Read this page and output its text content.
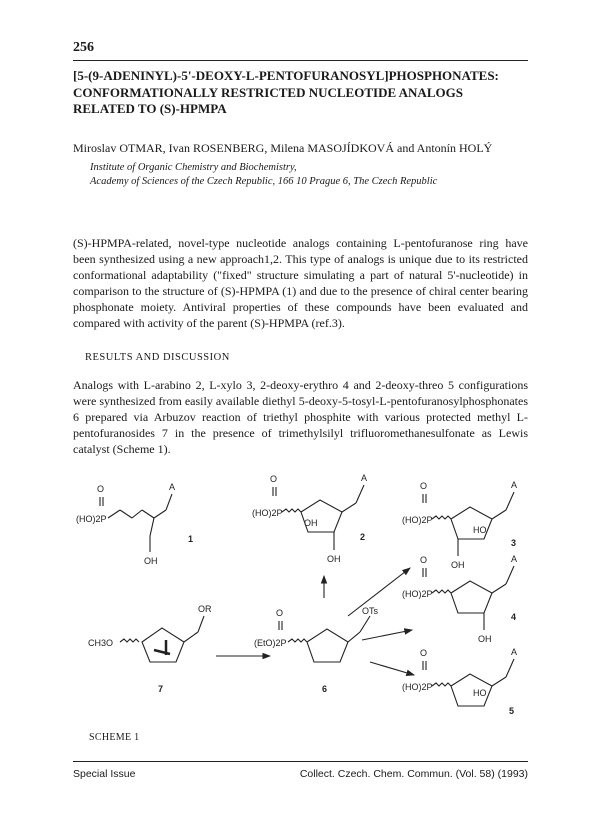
256
[5-(9-ADENINYL)-5'-DEOXY-L-PENTOFURANOSYL]PHOSPHONATES:
CONFORMATIONALLY RESTRICTED NUCLEOTIDE ANALOGS
RELATED TO (S)-HPMPA
Miroslav OTMAR, Ivan ROSENBERG, Milena MASOJÍDKOVÁ and Antonín HOLÝ
Institute of Organic Chemistry and Biochemistry,
Academy of Sciences of the Czech Republic, 166 10 Prague 6, The Czech Republic
(S)-HPMPA-related, novel-type nucleotide analogs containing L-pentofuranose ring have been synthesized using a new approach1,2. This type of analogs is unique due to its restricted conformational adaptability ("fixed" structure simulating a part of natural 5'-nucleotide) in comparison to the structure of (S)-HPMPA (1) and due to the presence of chiral center bearing phosphonate moiety. Antiviral properties of these compounds have been evaluated and compared with activity of the parent (S)-HPMPA (ref.3).
RESULTS AND DISCUSSION
Analogs with L-arabino 2, L-xylo 3, 2-deoxy-erythro 4 and 2-deoxy-threo 5 configurations were synthesized from easily available diethyl 5-deoxy-5-tosyl-L-pentofuranosylphosphonates 6 prepared via Arbuzov reaction of triethyl phosphite with various protected methyl L-pentofuranosides 7 in the presence of trimethylsilyl trifluoromethanesulfonate as Lewis catalyst (Scheme 1).
O
(HO)2P
A
OH
1
O
(HO)2P
A
OH
OH
2
O
(HO)2P
A
HO
OH
3
O
(HO)2P
A
OH
4
O
(HO)2P
A
HO
5
O
(EtO)2P
OTs
6
OR
CH3O
7
SCHEME 1
Special Issue	Collect. Czech. Chem. Commun. (Vol. 58) (1993)
